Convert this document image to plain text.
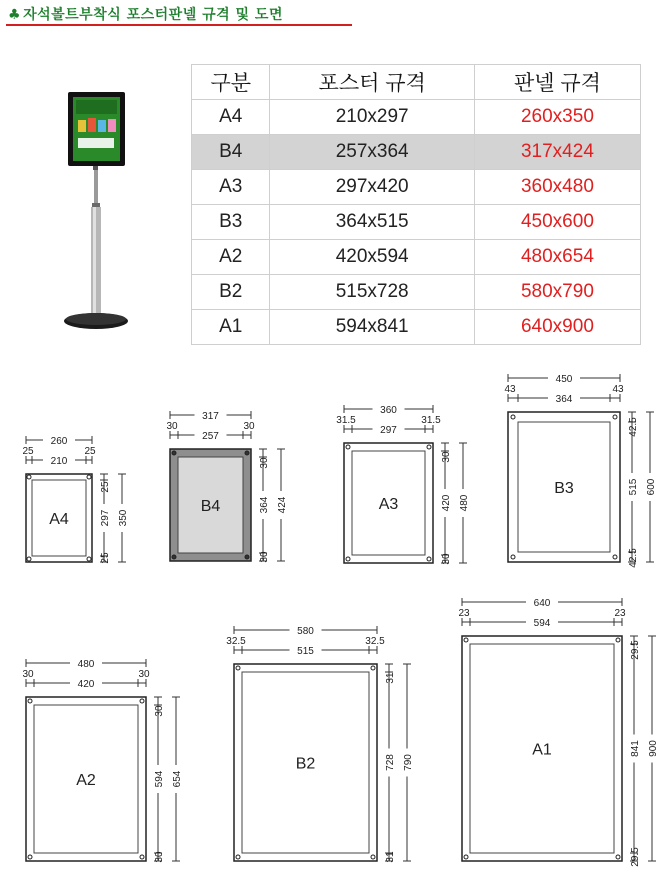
♣ 자석볼트부착식 포스터판넬 규격 및 도면
구분	포스터 규격	판넬 규격
A4	210x297	260x350
B4	257x364	317x424
A3	297x420	360x480
B3	364x515	450x600
A2	420x594	480x654
B2	515x728	580x790
A1	594x841	640x900
A4
260
210
25	25
297
25
25
350
B4
317
257
30	30
364
30
30
424	A3
360
297
31.5	31.5
420
30
30
480
B3
450
364
43	43
515
42.5
42.5
600
A2
480
420
30	30
594
30
30
654
B2
580
515
32.5	32.5
728
31
31
790
A1
640
594
23	23
841
29.5
29.5
900
